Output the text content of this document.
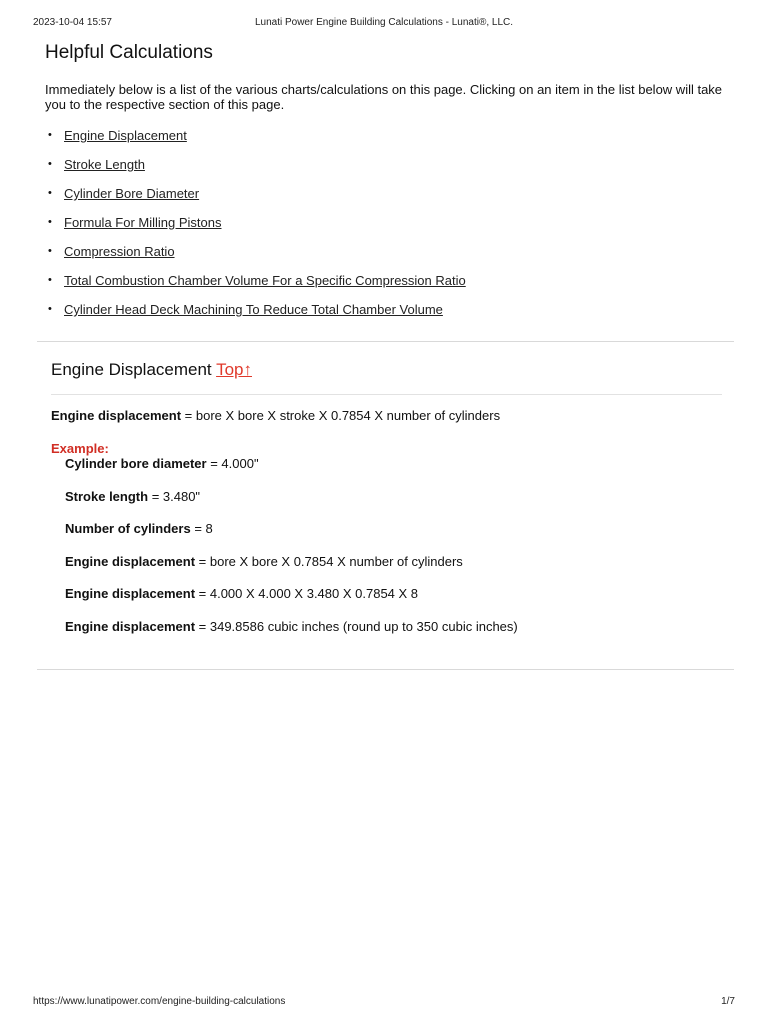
2023-10-04 15:57	Lunati Power Engine Building Calculations - Lunati®, LLC.
Helpful Calculations

Immediately below is a list of the various charts/calculations on this page. Clicking on an item in the list below will take you to the respective section of this page.

• Engine Displacement
• Stroke Length
• Cylinder Bore Diameter
• Formula For Milling Pistons
• Compression Ratio
• Total Combustion Chamber Volume For a Specific Compression Ratio
• Cylinder Head Deck Machining To Reduce Total Chamber Volume
Engine Displacement Top↑
Engine displacement = bore X bore X stroke X 0.7854 X number of cylinders
Example:
Cylinder bore diameter = 4.000"
Stroke length = 3.480"
Number of cylinders = 8
Engine displacement = bore X bore X 0.7854 X number of cylinders
Engine displacement = 4.000 X 4.000 X 3.480 X 0.7854 X 8
Engine displacement = 349.8586 cubic inches (round up to 350 cubic inches)
https://www.lunatipower.com/engine-building-calculations	1/7
